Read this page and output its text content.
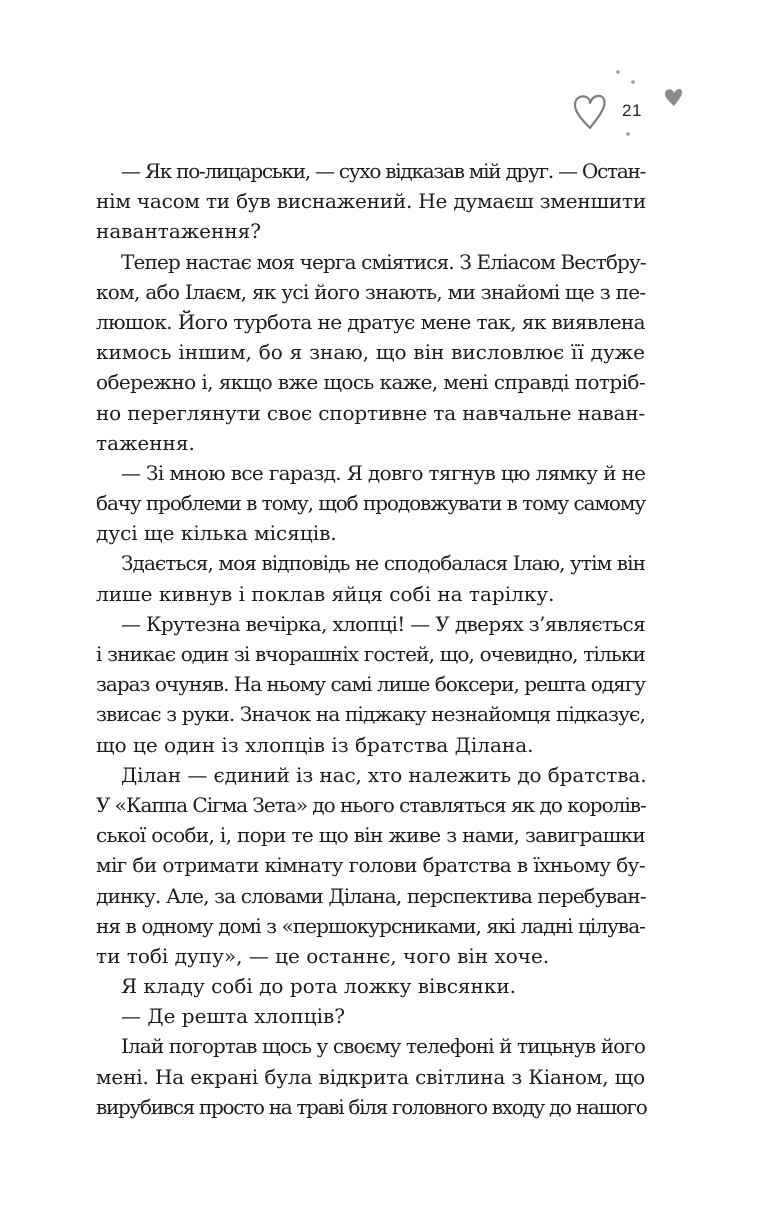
21
— Як по-лицарськи, — сухо відказав мій друг. — Остан-
нім часом ти був виснажений. Не думаєш зменшити
навантаження?
Тепер настає моя черга сміятися. З Еліасом Вестбру-
ком, або Ілаєм, як усі його знають, ми знайомі ще з пе-
люшок. Його турбота не дратує мене так, як виявлена
кимось іншим, бо я знаю, що він висловлює її дуже
обережно і, якщо вже щось каже, мені справді потріб-
но переглянути своє спортивне та навчальне наван-
таження.
— Зі мною все гаразд. Я довго тягнув цю лямку й не
бачу проблеми в тому, щоб продовжувати в тому самому
дусі ще кілька місяців.
Здається, моя відповідь не сподобалася Ілаю, утім він
лише кивнув і поклав яйця собі на тарілку.
— Крутезна вечірка, хлопці! — У дверях з’являється
і зникає один зі вчорашніх гостей, що, очевидно, тільки
зараз очуняв. На ньому самі лише боксери, решта одягу
звисає з руки. Значок на піджаку незнайомця підказує,
що це один із хлопців із братства Ділана.
Ділан — єдиний із нас, хто належить до братства.
У «Каппа Сігма Зета» до нього ставляться як до королів-
ської особи, і, пори те що він живе з нами, завиграшки
міг би отримати кімнату голови братства в їхньому бу-
динку. Але, за словами Ділана, перспектива перебуван-
ня в одному домі з «першокурсниками, які ладні цілува-
ти тобі дупу», — це останнє, чого він хоче.
Я кладу собі до рота ложку вівсянки.
— Де решта хлопців?
Ілай погортав щось у своєму телефоні й тицьнув його
мені. На екрані була відкрита світлина з Кіаном, що
вирубився просто на траві біля головного входу до нашого
